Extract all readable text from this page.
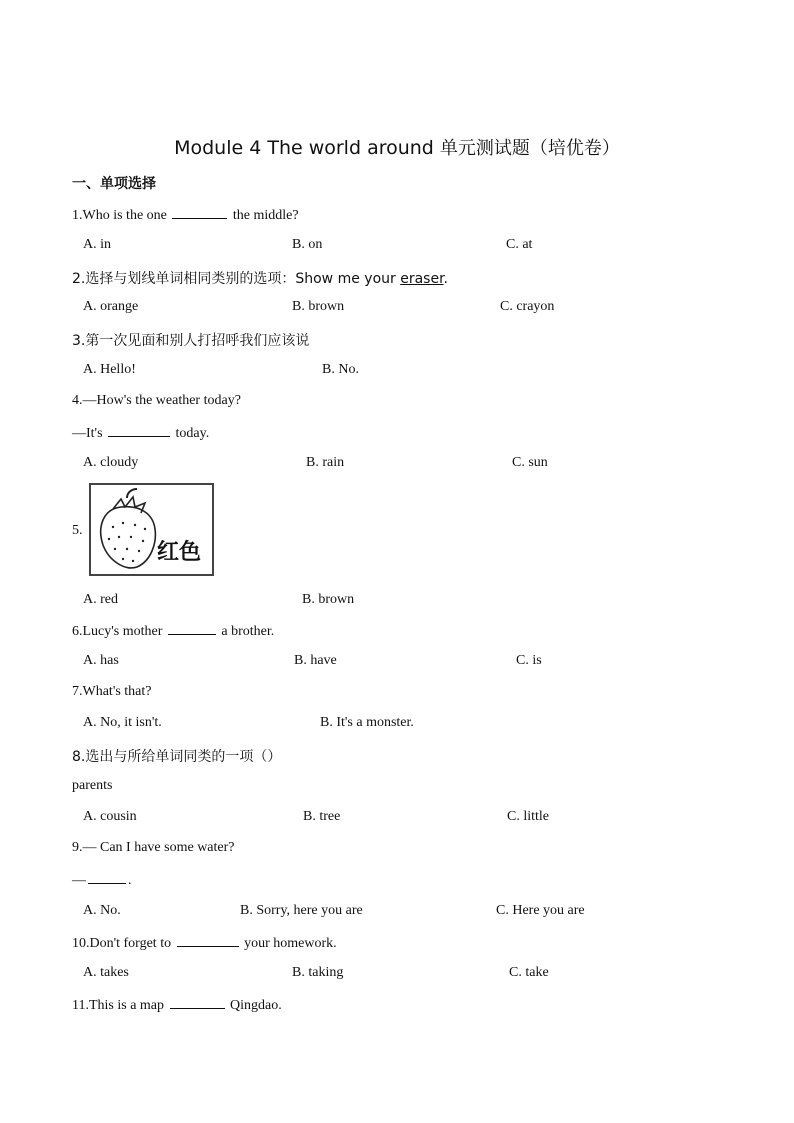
Module 4 The world around 单元测试题（培优卷）
一、单项选择
1.Who is the one	the middle?
A. in	B. on	C. at
2.选择与划线单词相同类别的选项：Show me your eraser.
A. orange	B. brown	C. crayon
3.第一次见面和别人打招呼我们应该说
A. Hello!	B. No.
4.—How's the weather today?
—It's	today.
A. cloudy	B. rain	C. sun
5.
红色
A. red	B. brown
6.Lucy's mother	a brother.
A. has	B. have	C. is
7.What's that?
A. No, it isn't.	B. It's a monster.
8.选出与所给单词同类的一项（）
parents
A. cousin	B. tree	C. little
9.— Can I have some water?
—	.
A. No.	B. Sorry, here you are	C. Here you are
10.Don't forget to	your homework.
A. takes	B. taking	C. take
11.This is a map	Qingdao.
